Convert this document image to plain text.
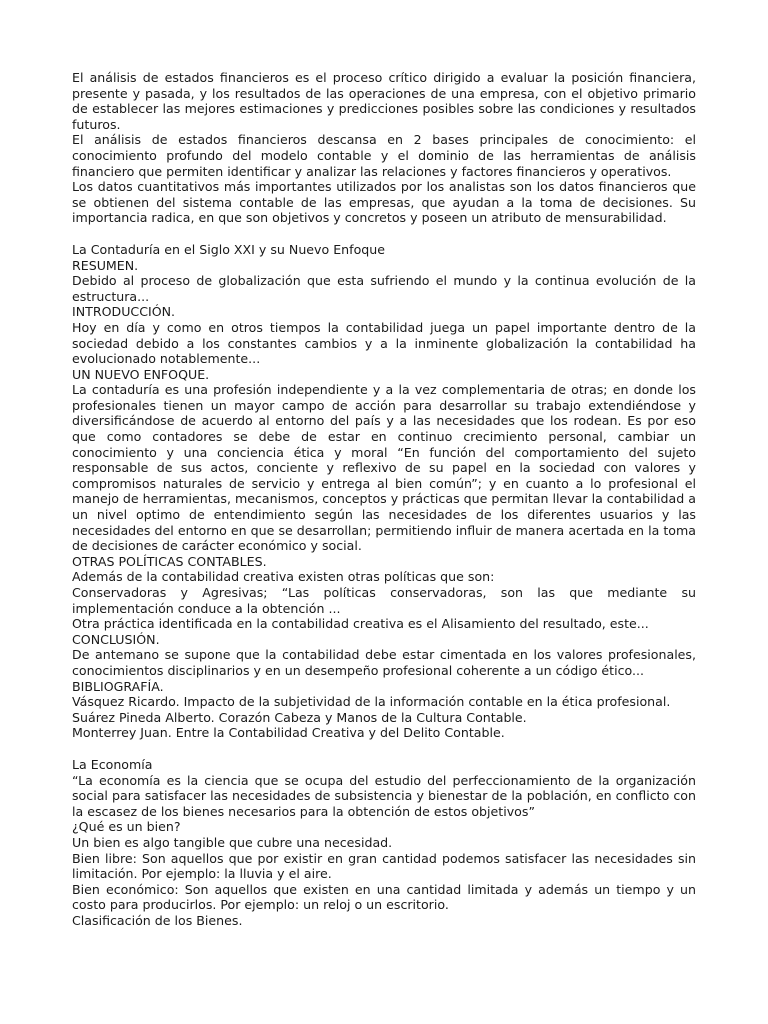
El análisis de estados financieros es el proceso crítico dirigido a evaluar la posición financiera, presente y pasada, y los resultados de las operaciones de una empresa, con el objetivo primario de establecer las mejores estimaciones y predicciones posibles sobre las condiciones y resultados futuros.

El análisis de estados financieros descansa en 2 bases principales de conocimiento: el conocimiento profundo del modelo contable y el dominio de las herramientas de análisis financiero que permiten identificar y analizar las relaciones y factores financieros y operativos.

Los datos cuantitativos más importantes utilizados por los analistas son los datos financieros que se obtienen del sistema contable de las empresas, que ayudan a la toma de decisiones. Su importancia radica, en que son objetivos y concretos y poseen un atributo de mensurabilidad.

La Contaduría en el Siglo XXI y su Nuevo Enfoque

RESUMEN.

Debido al proceso de globalización que esta sufriendo el mundo y la continua evolución de la estructura...

INTRODUCCIÓN.

Hoy en día y como en otros tiempos la contabilidad juega un papel importante dentro de la sociedad debido a los constantes cambios y a la inminente globalización la contabilidad ha evolucionado notablemente...

UN NUEVO ENFOQUE.

La contaduría es una profesión independiente y a la vez complementaria de otras; en donde los profesionales tienen un mayor campo de acción para desarrollar su trabajo extendiéndose y diversificándose de acuerdo al entorno del país y a las necesidades que los rodean. Es por eso que como contadores se debe de estar en continuo crecimiento personal, cambiar un conocimiento y una conciencia ética y moral “En función del comportamiento del sujeto responsable de sus actos, conciente y reflexivo de su papel en la sociedad con valores y compromisos naturales de servicio y entrega al bien común”; y en cuanto a lo profesional el manejo de herramientas, mecanismos, conceptos y prácticas que permitan llevar la contabilidad a un nivel optimo de entendimiento según las necesidades de los diferentes usuarios y las necesidades del entorno en que se desarrollan; permitiendo influir de manera acertada en la toma de decisiones de carácter económico y social.

OTRAS POLÍTICAS CONTABLES.

Además de la contabilidad creativa existen otras políticas que son:

Conservadoras y Agresivas; “Las políticas conservadoras, son las que mediante su implementación conduce a la obtención ...

Otra práctica identificada en la contabilidad creativa es el Alisamiento del resultado, este...

CONCLUSIÓN.

De antemano se supone que la contabilidad debe estar cimentada en los valores profesionales, conocimientos disciplinarios y en un desempeño profesional coherente a un código ético...

BIBLIOGRAFÍA.

Vásquez Ricardo. Impacto de la subjetividad de la información contable en la ética profesional.

Suárez Pineda Alberto. Corazón Cabeza y Manos de la Cultura Contable.

Monterrey Juan. Entre la Contabilidad Creativa y del Delito Contable.

La Economía

“La economía es la ciencia que se ocupa del estudio del perfeccionamiento de la organización social para satisfacer las necesidades de subsistencia y bienestar de la población, en conflicto con la escasez de los bienes necesarios para la obtención de estos objetivos”

¿Qué es un bien?

Un bien es algo tangible que cubre una necesidad.

Bien libre: Son aquellos que por existir en gran cantidad podemos satisfacer las necesidades sin limitación. Por ejemplo: la lluvia y el aire.

Bien económico: Son aquellos que existen en una cantidad limitada y además un tiempo y un costo para producirlos. Por ejemplo: un reloj o un escritorio.

Clasificación de los Bienes.
